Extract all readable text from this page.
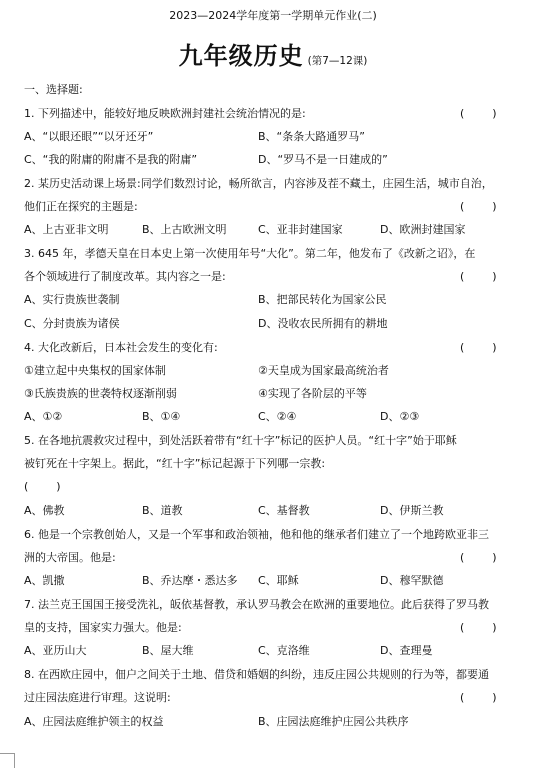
2023—2024学年度第一学期单元作业(二)
九年级历史 (第7—12课)
一、选择题:
1. 下列描述中，能较好地反映欧洲封建社会统治情况的是:	(        )
A、“以眼还眼”“以牙还牙”	B、“条条大路通罗马”
C、“我的附庸的附庸不是我的附庸”	D、“罗马不是一日建成的”
2. 某历史活动课上场景:同学们数烈讨论，畅所欲言，内容涉及茬不藏土，庄园生活，城市自治，
他们正在探究的主题是:	(        )
A、上古亚非文明	B、上古欧洲文明	C、亚非封建国家	D、欧洲封建国家
3. 645 年，孝德天皇在日本史上第一次使用年号“大化”。第二年，他发布了《改新之诏》，在
各个领域进行了制度改革。其内容之一是:	(        )
A、实行贵族世袭制	B、把部民转化为国家公民
C、分封贵族为诸侯	D、没收农民所拥有的耕地
4. 大化改新后，日本社会发生的变化有:	(        )
①建立起中央集权的国家体制	②天皇成为国家最高统治者
③氏族贵族的世袭特权逐渐削弱	④实现了各阶层的平等
A、①②	B、①④	C、②④	D、②③
5. 在各地抗震救灾过程中，到处活跃着带有“红十字”标记的医护人员。“红十字”始于耶稣
被钉死在十字架上。据此，“红十字”标记起源于下列哪一宗教:
(        )
A、佛教	B、道教	C、基督教	D、伊斯兰教
6. 他是一个宗教创始人，又是一个军事和政治领袖，他和他的继承者们建立了一个地跨欧亚非三
洲的大帝国。他是:	(        )
A、凯撒	B、乔达摩・悉达多 C、耶稣	D、穆罕默德
7. 法兰克王国国王接受洗礼，皈依基督教，承认罗马教会在欧洲的重要地位。此后获得了罗马教
皇的支持，国家实力强大。他是:	(        )
A、亚历山大	B、屋大维	C、克洛维	D、查理曼
8. 在西欧庄园中，佃户之间关于土地、借贷和婚姻的纠纷，违反庄园公共规则的行为等，都要通
过庄园法庭进行审理。这说明:	(        )
A、庄园法庭维护领主的权益	B、庄园法庭维护庄园公共秩序
